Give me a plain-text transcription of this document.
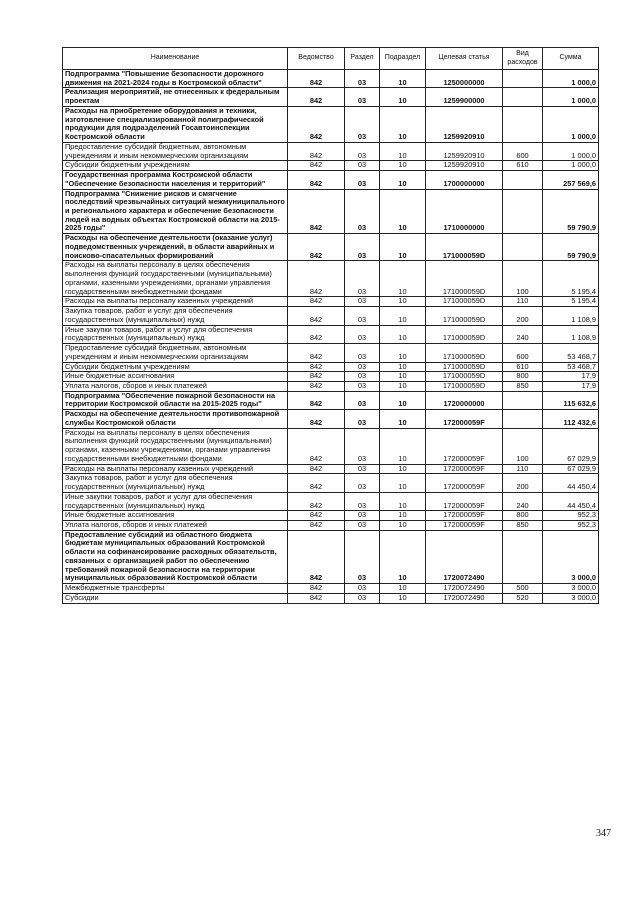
Наименование	Ведомство	Раздел	Подраздел	Целевая статья	Вид расходов	Сумма
Подпрограмма "Повышение безопасности дорожного движения на 2021-2024 годы в Костромской области"	842	03	10	1250000000		1 000,0
Реализация мероприятий, не отнесенных к федеральным проектам	842	03	10	1259900000		1 000,0
Расходы на приобретение оборудования и техники, изготовление специализированной полиграфической продукции для подразделений Госавтоинспекции Костромской области	842	03	10	1259920910		1 000,0
Предоставление субсидий бюджетным, автономным учреждениям и иным некоммерческим организациям	842	03	10	1259920910	600	1 000,0
Субсидии бюджетным учреждениям	842	03	10	1259920910	610	1 000,0
Государственная программа Костромской области "Обеспечение безопасности населения и территорий"	842	03	10	1700000000		257 569,6
Подпрограмма "Снижение рисков и смягчение последствий чрезвычайных ситуаций межмуниципального и регионального характера и обеспечение безопасности людей на водных объектах Костромской области на 2015-2025 годы"	842	03	10	1710000000		59 790,9
Расходы на обеспечение деятельности (оказание услуг) подведомственных учреждений, в области аварийных и поисково-спасательных формирований	842	03	10	171000059D		59 790,9
Расходы на выплаты персоналу в целях обеспечения выполнения функций государственными (муниципальными) органами, казенными учреждениями, органами управления государственными внебюджетными фондами	842	03	10	171000059D	100	5 195,4
Расходы на выплаты персоналу казенных учреждений	842	03	10	171000059D	110	5 195,4
Закупка товаров, работ и услуг для обеспечения государственных (муниципальных) нужд	842	03	10	171000059D	200	1 108,9
Иные закупки товаров, работ и услуг для обеспечения государственных (муниципальных) нужд	842	03	10	171000059D	240	1 108,9
Предоставление субсидий бюджетным, автономным учреждениям и иным некоммерческим организациям	842	03	10	171000059D	600	53 468,7
Субсидии бюджетным учреждениям	842	03	10	171000059D	610	53 468,7
Иные бюджетные ассигнования	842	03	10	171000059D	800	17,9
Уплата налогов, сборов и иных платежей	842	03	10	171000059D	850	17,9
Подпрограмма "Обеспечение пожарной безопасности на территории Костромской области на 2015-2025 годы"	842	03	10	1720000000		115 632,6
Расходы на обеспечение деятельности противопожарной службы Костромской области	842	03	10	172000059F		112 432,6
Расходы на выплаты персоналу в целях обеспечения выполнения функций государственными (муниципальными) органами, казенными учреждениями, органами управления государственными внебюджетными фондами	842	03	10	172000059F	100	67 029,9
Расходы на выплаты персоналу казенных учреждений	842	03	10	172000059F	110	67 029,9
Закупка товаров, работ и услуг для обеспечения государственных (муниципальных) нужд	842	03	10	172000059F	200	44 450,4
Иные закупки товаров, работ и услуг для обеспечения государственных (муниципальных) нужд	842	03	10	172000059F	240	44 450,4
Иные бюджетные ассигнования	842	03	10	172000059F	800	952,3
Уплата налогов, сборов и иных платежей	842	03	10	172000059F	850	952,3
Предоставление субсидий из областного бюджета бюджетам муниципальных образований Костромской области на софинансирование расходных обязательств, связанных с организацией работ по обеспечению требований пожарной безопасности на территории муниципальных образований Костромской области	842	03	10	1720072490		3 000,0
Межбюджетные трансферты	842	03	10	1720072490	500	3 000,0
Субсидии	842	03	10	1720072490	520	3 000,0
347
